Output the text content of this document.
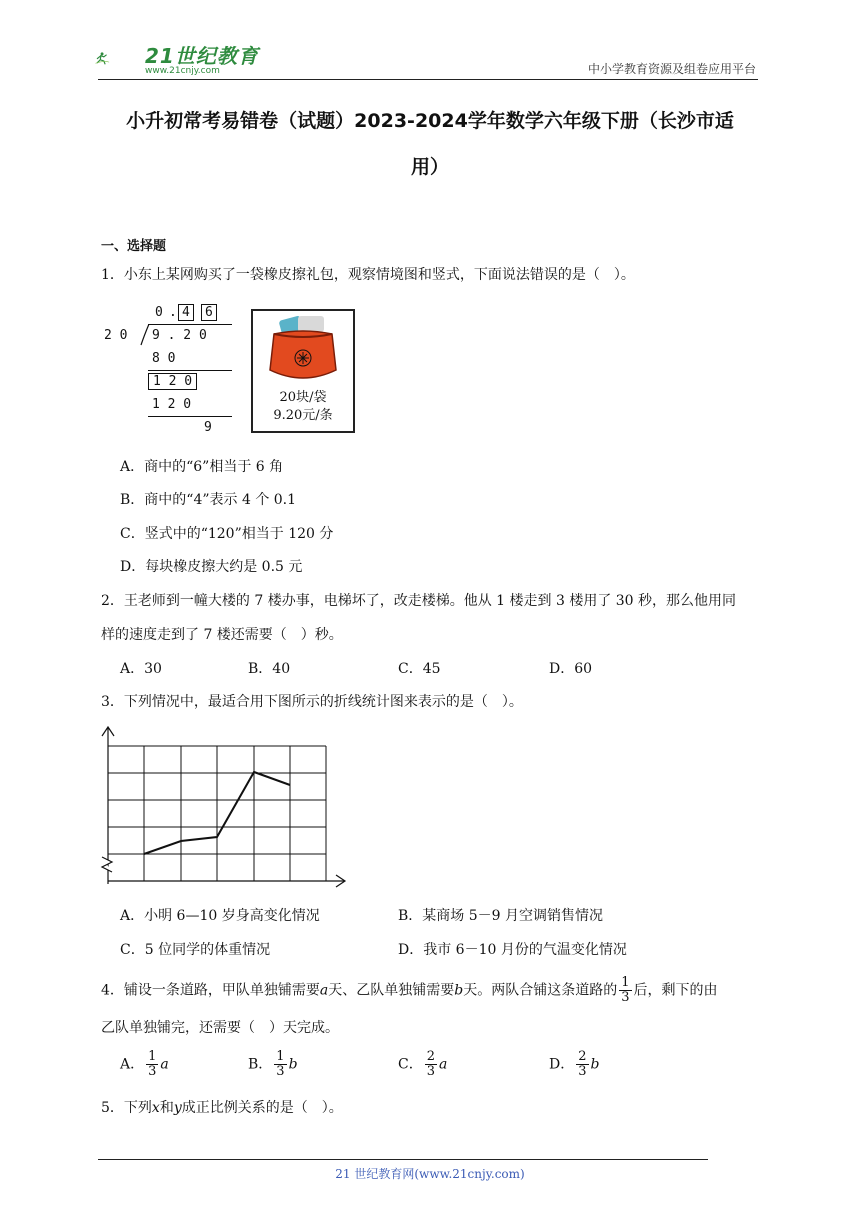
21世纪教育
www.21cnjy.com	中小学教育资源及组卷应用平台
小升初常考易错卷（试题）2023-2024学年数学六年级下册（长沙市适
用）
一、选择题
1．小东上某网购买了一袋橡皮擦礼包，观察情境图和竖式，下面说法错误的是（　）。
0 . 4	6
2 0 9 . 2 0
8 0
1 2 0
1 2 0
9
20块/袋
9.20元/条
A．商中的“6”相当于 6 角
B．商中的“4”表示 4 个 0.1
C．竖式中的“120”相当于 120 分
D．每块橡皮擦大约是 0.5 元
2．王老师到一幢大楼的 7 楼办事，电梯坏了，改走楼梯。他从 1 楼走到 3 楼用了 30 秒，那么他用同
样的速度走到了 7 楼还需要（　）秒。
A．30	B．40	C．45	D．60
3．下列情况中，最适合用下图所示的折线统计图来表示的是（　）。
A．小明 6—10 岁身高变化情况	B．某商场 5－9 月空调销售情况
C．5 位同学的体重情况	D．我市 6－10 月份的气温变化情况
4．铺设一条道路，甲队单独铺需要a天、乙队单独铺需要b天。两队合铺这条道路的 $\frac{1}{3}$ 后，剩下的由
乙队单独铺完，还需要（　）天完成。
A． $\frac{1}{3}$ a	B． $\frac{1}{3}$ b	C． $\frac{2}{3}$ a	D． $\frac{2}{3}$ b
5．下列x和y成正比例关系的是（　）。
21 世纪教育网(www.21cnjy.com)
